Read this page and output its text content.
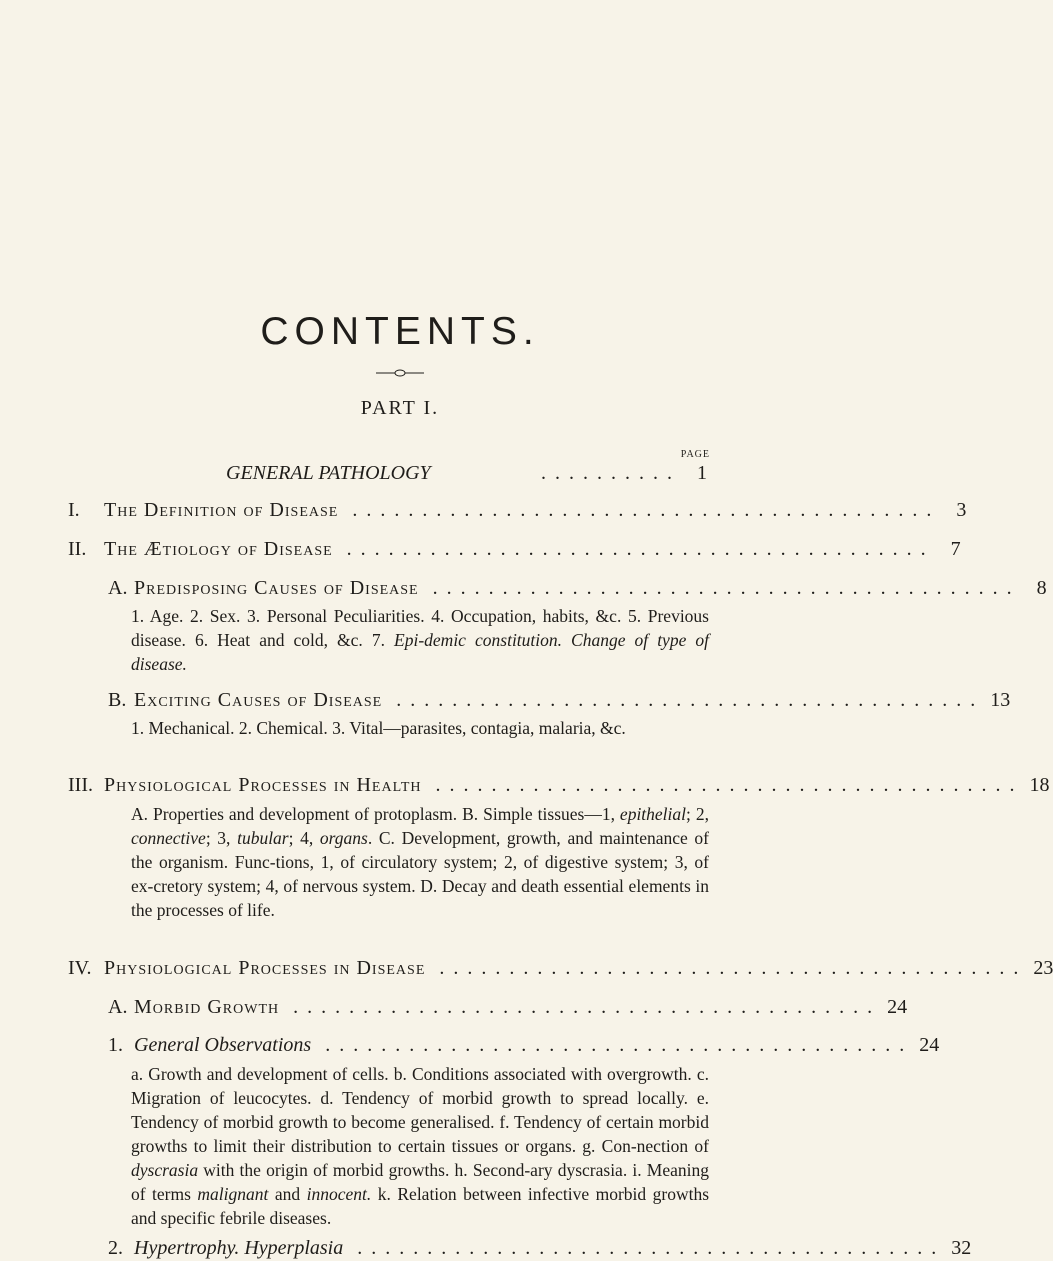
CONTENTS.
PART I.
PAGE
GENERAL PATHOLOGY	.......... 1
I.	The Definition of Disease .......................................... 3
II. The Ætiology of Disease .......................................... 7
A. Predisposing Causes of Disease .......................................... 8
1. Age. 2. Sex. 3. Personal Peculiarities. 4. Occupation, habits, &c. 5. Previous disease. 6. Heat and cold, &c. 7. Epi-demic constitution. Change of type of disease.
B. Exciting Causes of Disease .......................................... 13
1. Mechanical. 2. Chemical. 3. Vital—parasites, contagia, malaria, &c.
III. Physiological Processes in Health .......................................... 18
A. Properties and development of protoplasm. B. Simple tissues—1, epithelial; 2, connective; 3, tubular; 4, organs. C. Development, growth, and maintenance of the organism. Func-tions, 1, of circulatory system; 2, of digestive system; 3, of ex-cretory system; 4, of nervous system. D. Decay and death essential elements in the processes of life.
IV. Physiological Processes in Disease .......................................... 23
A. Morbid Growth .......................................... 24
1. General Observations .......................................... 24
a. Growth and development of cells. b. Conditions associated with overgrowth. c. Migration of leucocytes. d. Tendency of morbid growth to spread locally. e. Tendency of morbid growth to become generalised. f. Tendency of certain morbid growths to limit their distribution to certain tissues or organs. g. Con-nection of dyscrasia with the origin of morbid growths. h. Second-ary dyscrasia. i. Meaning of terms malignant and innocent. k. Relation between infective morbid growths and specific febrile diseases.
2. Hypertrophy. Hyperplasia .......................................... 32
